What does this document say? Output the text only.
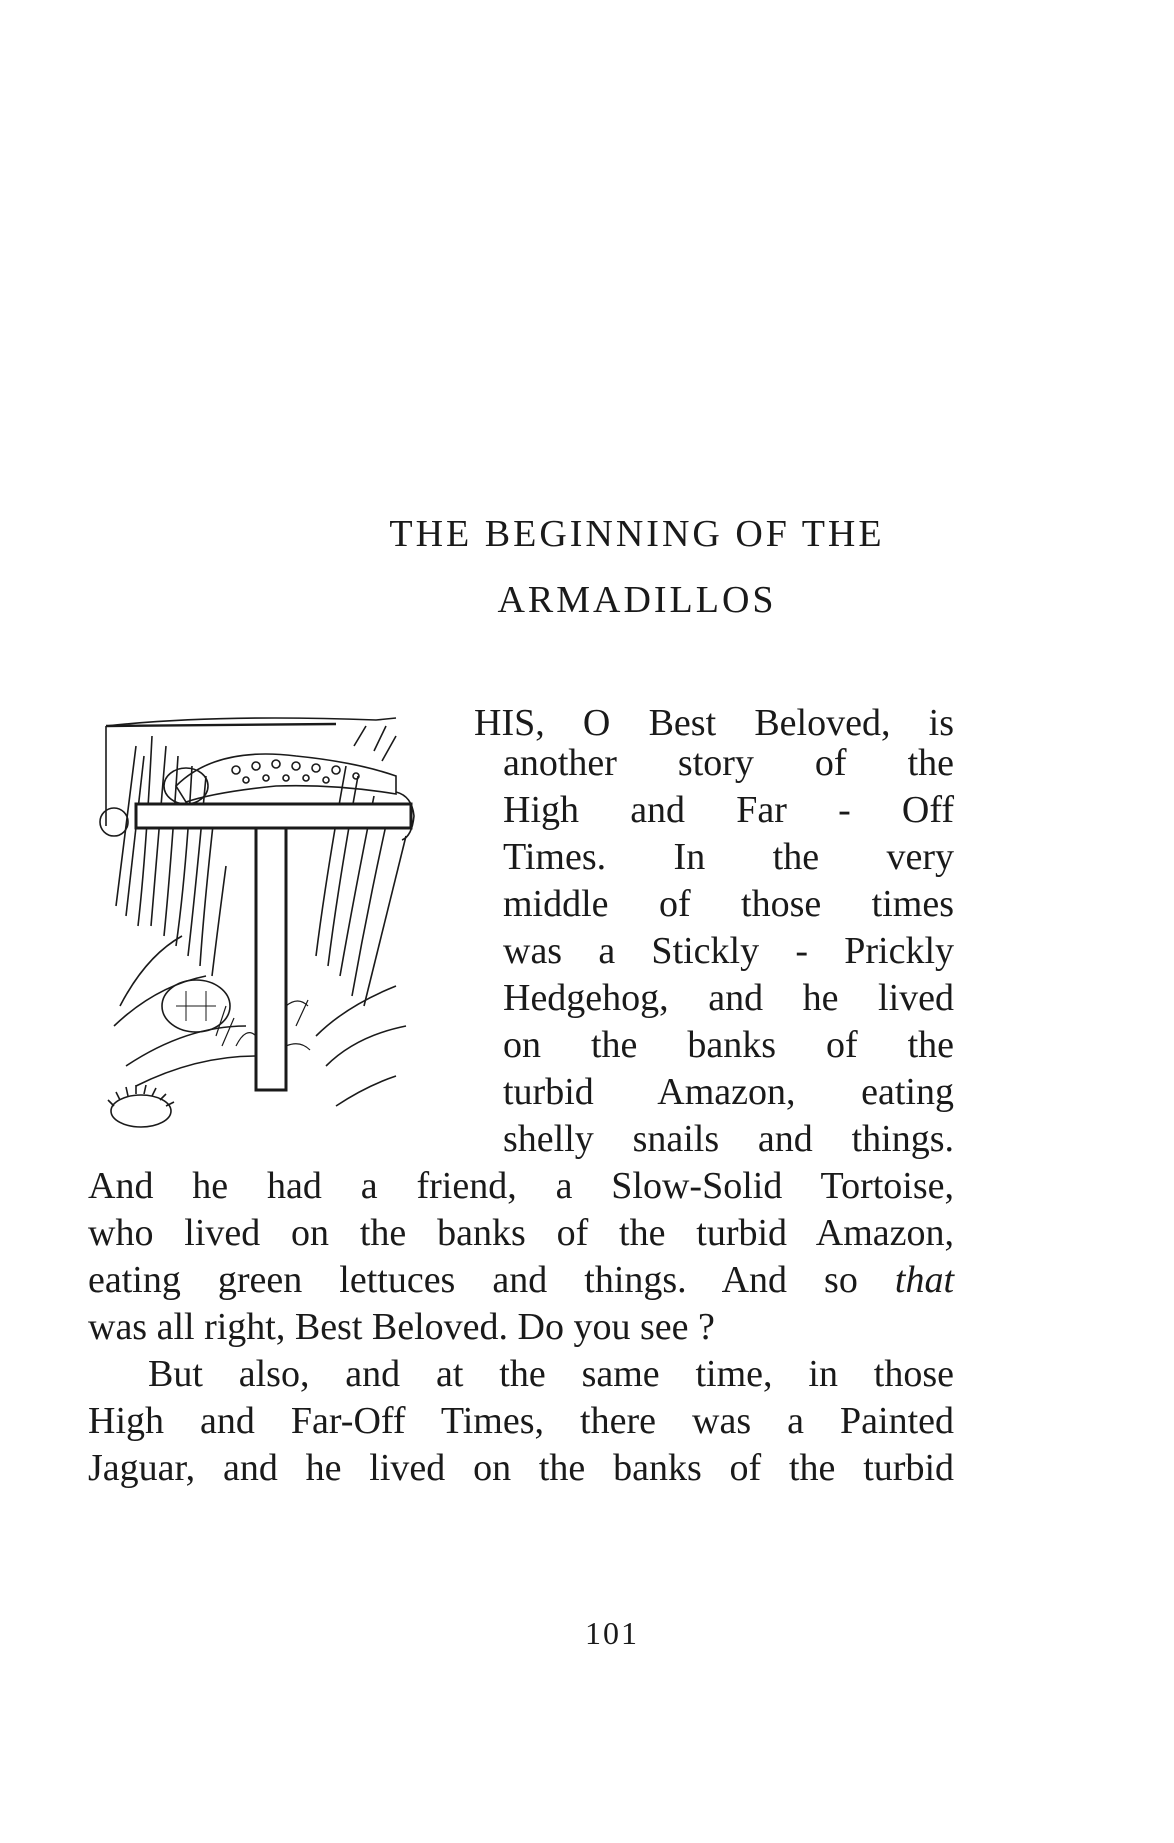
THE BEGINNING OF THE
ARMADILLOS

HIS, O Best Beloved, is

another story of the

High and Far - Off

Times. In the very

middle of those times

was a Stickly - Prickly

Hedgehog, and he lived

on the banks of the

turbid Amazon, eating

shelly snails and things.

And he had a friend, a Slow-Solid Tortoise,

who lived on the banks of the turbid Amazon,

eating green lettuces and things. And so that

was all right, Best Beloved. Do you see ?

But also, and at the same time, in those

High and Far-Off Times, there was a Painted

Jaguar, and he lived on the banks of the turbid

101
